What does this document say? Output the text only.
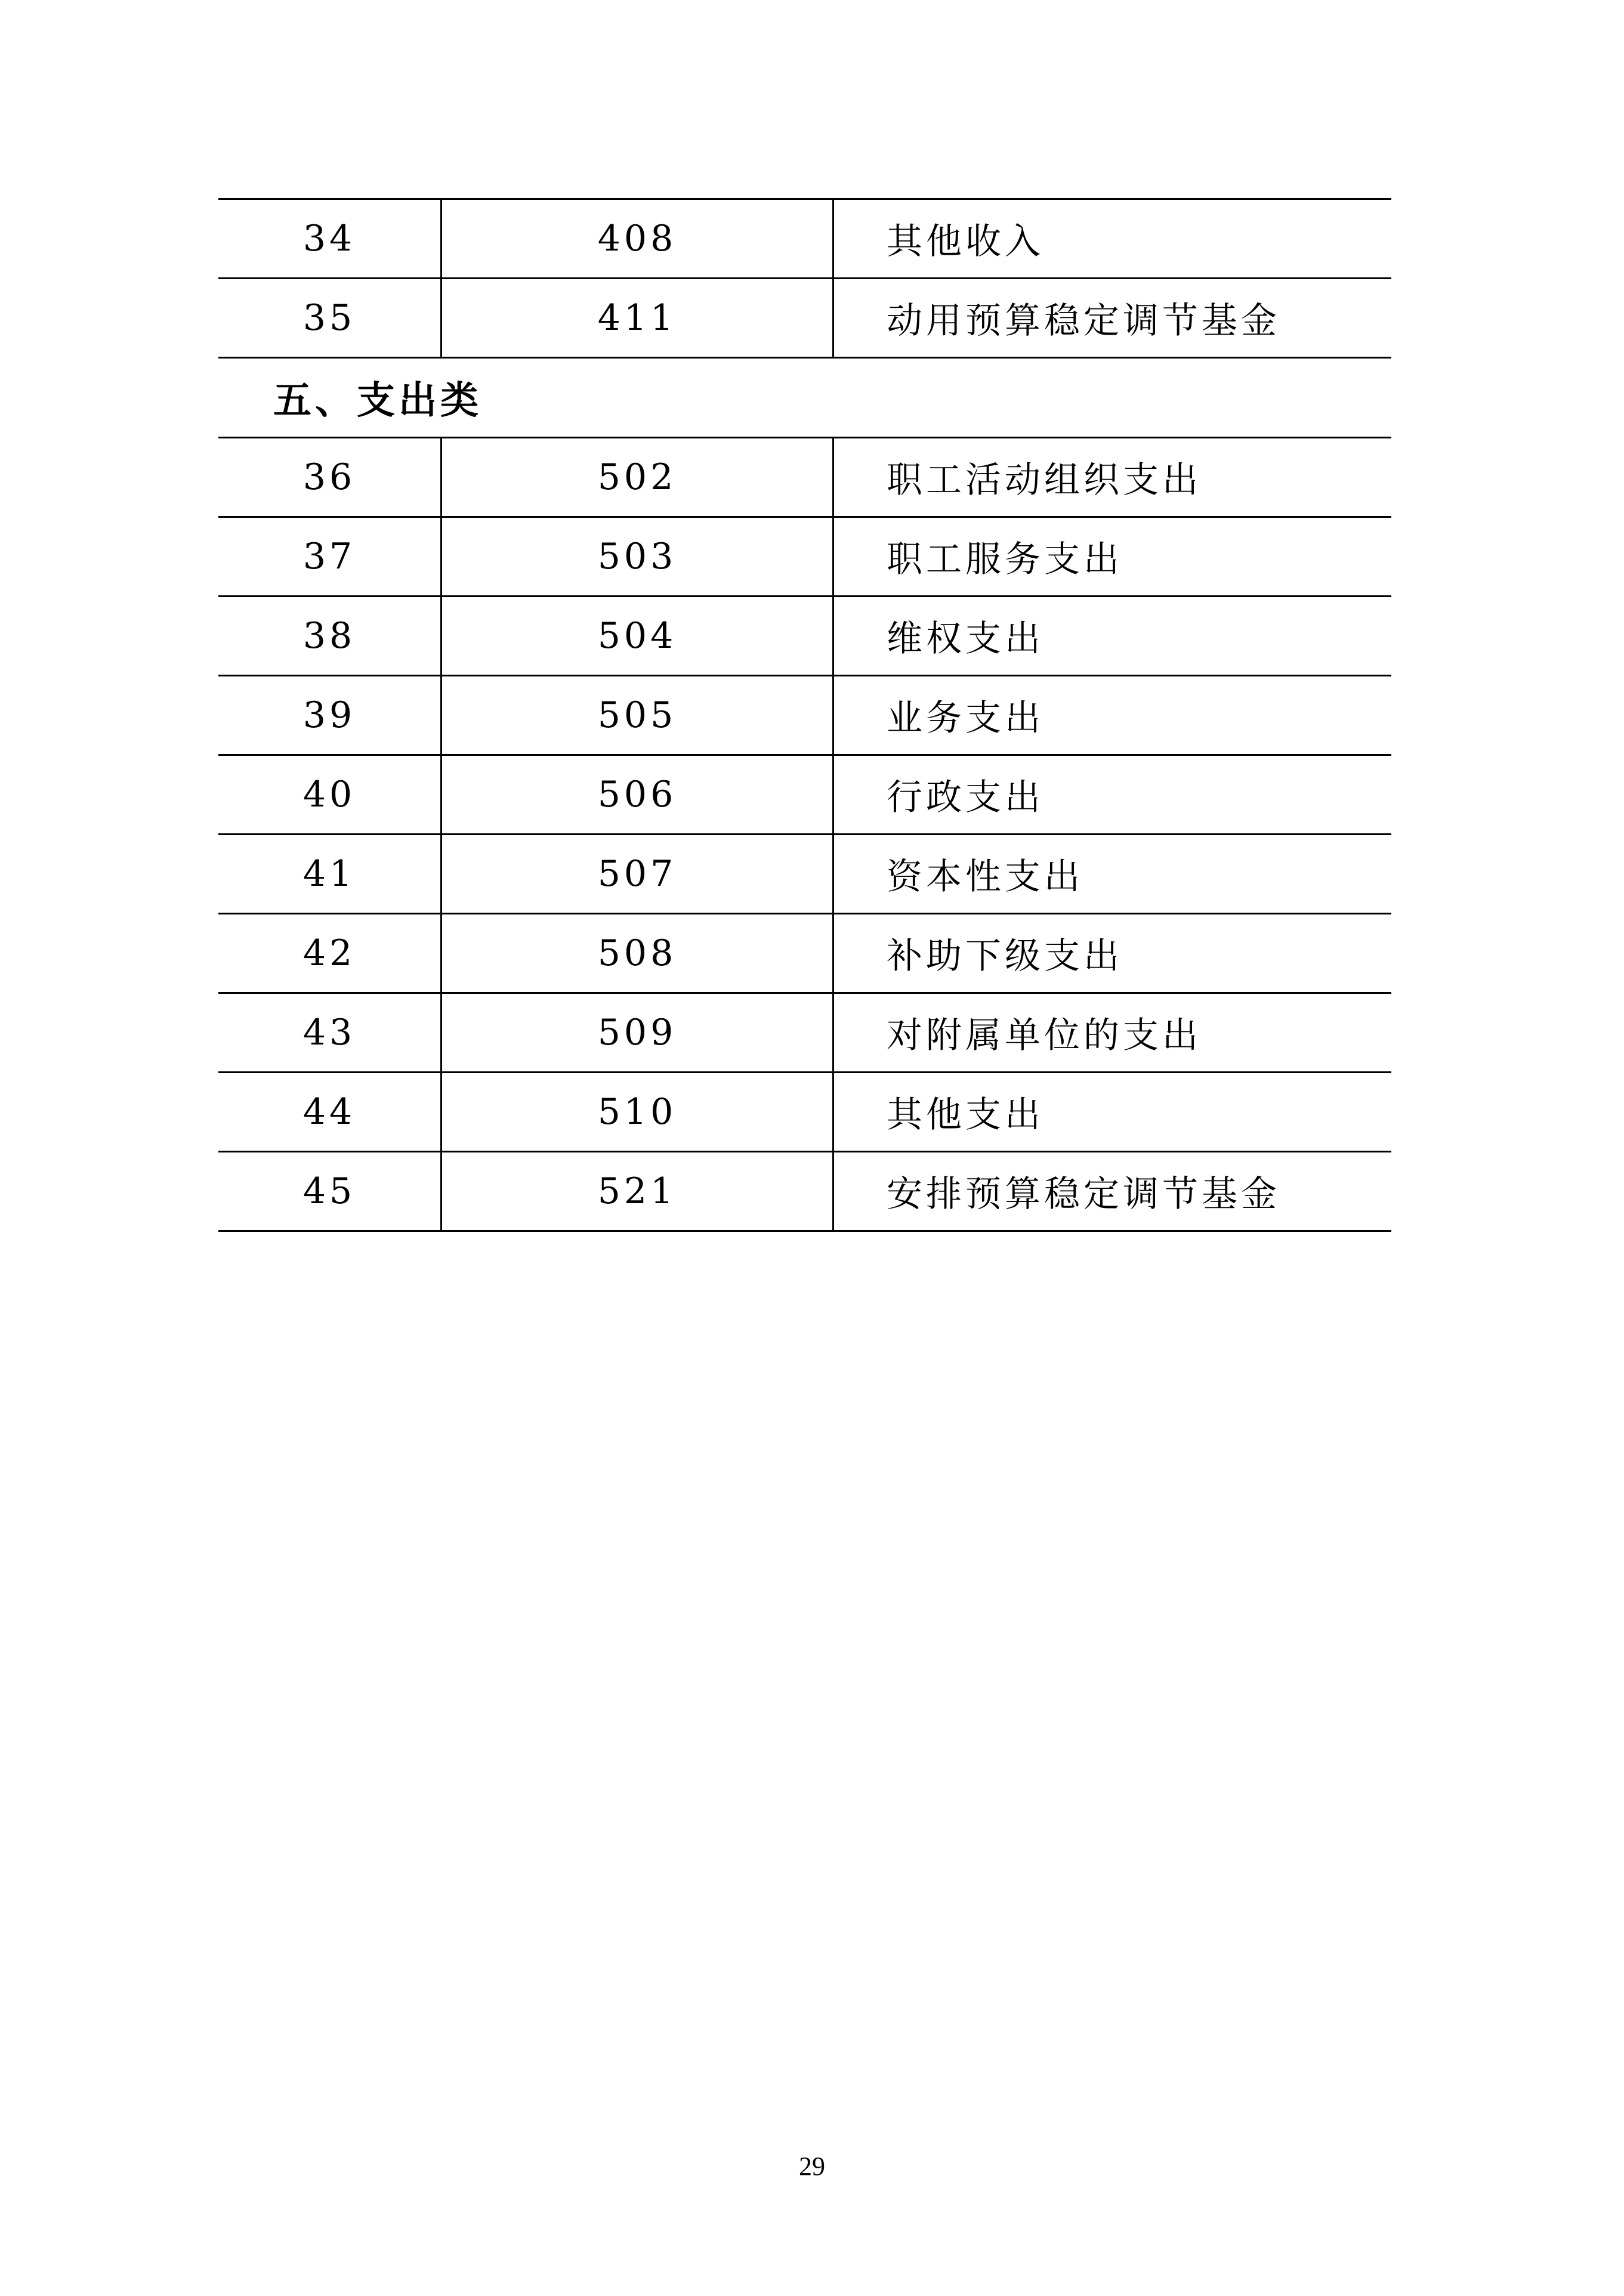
34	408	其他收入
35	411	动用预算稳定调节基金
五、支出类
36	502	职工活动组织支出
37	503	职工服务支出
38	504	维权支出
39	505	业务支出
40	506	行政支出
41	507	资本性支出
42	508	补助下级支出
43	509	对附属单位的支出
44	510	其他支出
45	521	安排预算稳定调节基金
29
